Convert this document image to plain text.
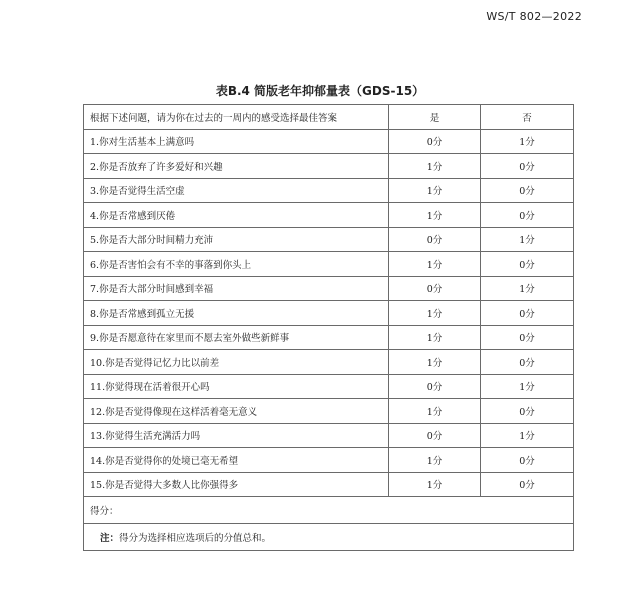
WS/T 802—2022
表B.4 简版老年抑郁量表（GDS-15）
根据下述问题，请为你在过去的一周内的感受选择最佳答案	是	否
1.你对生活基本上满意吗	0分	1分
2.你是否放弃了许多爱好和兴趣	1分	0分
3.你是否觉得生活空虚	1分	0分
4.你是否常感到厌倦	1分	0分
5.你是否大部分时间精力充沛	0分	1分
6.你是否害怕会有不幸的事落到你头上	1分	0分
7.你是否大部分时间感到幸福	0分	1分
8.你是否常感到孤立无援	1分	0分
9.你是否愿意待在家里而不愿去室外做些新鲜事	1分	0分
10.你是否觉得记忆力比以前差	1分	0分
11.你觉得现在活着很开心吗	0分	1分
12.你是否觉得像现在这样活着毫无意义	1分	0分
13.你觉得生活充满活力吗	0分	1分
14.你是否觉得你的处境已毫无希望	1分	0分
15.你是否觉得大多数人比你强得多	1分	0分
得分：		
注：得分为选择相应选项后的分值总和。		
